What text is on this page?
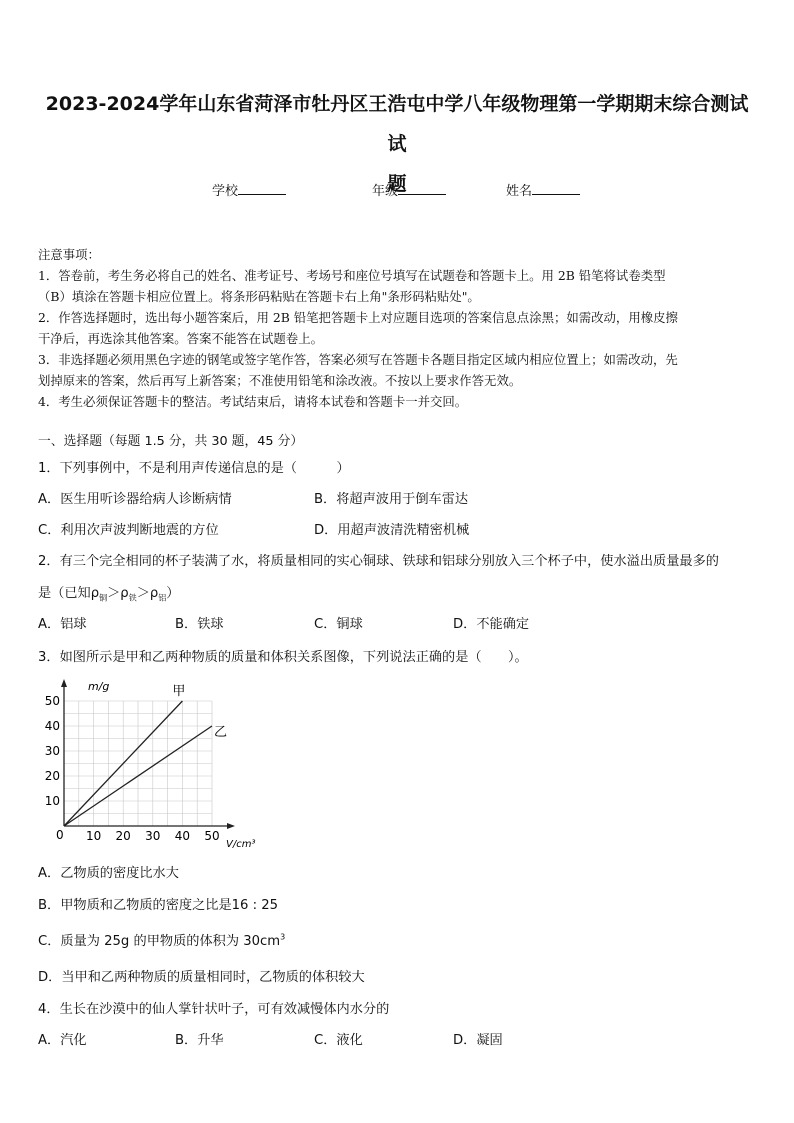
2023-2024学年山东省菏泽市牡丹区王浩屯中学八年级物理第一学期期末综合测试试
题
学校	年级	姓名

注意事项：

1．答卷前，考生务必将自己的姓名、准考证号、考场号和座位号填写在试题卷和答题卡上。用 2B 铅笔将试卷类型

（B）填涂在答题卡相应位置上。将条形码粘贴在答题卡右上角"条形码粘贴处"。

2．作答选择题时，选出每小题答案后，用 2B 铅笔把答题卡上对应题目选项的答案信息点涂黑；如需改动，用橡皮擦

干净后，再选涂其他答案。答案不能答在试题卷上。

3．非选择题必须用黑色字迹的钢笔或签字笔作答，答案必须写在答题卡各题目指定区域内相应位置上；如需改动，先

划掉原来的答案，然后再写上新答案；不准使用铅笔和涂改液。不按以上要求作答无效。

4．考生必须保证答题卡的整洁。考试结束后，请将本试卷和答题卡一并交回。

一、选择题（每题 1.5 分，共 30 题，45 分）
1．下列事例中，不是利用声传递信息的是（　　　）
A．医生用听诊器给病人诊断病情	B．将超声波用于倒车雷达
C．利用次声波判断地震的方位	D．用超声波清洗精密机械
2．有三个完全相同的杯子装满了水，将质量相同的实心铜球、铁球和铝球分别放入三个杯子中，使水溢出质量最多的
是（已知$\rho_铜>\rho_铁>\rho_铝$）
A．铝球	B．铁球	C．铜球	D．不能确定
3．如图所示是甲和乙两种物质的质量和体积关系图像，下列说法正确的是（　　）。
10 20 30 40 50
10
20
30
40
50
甲
乙
m/g
V/cm³
0
A．乙物质的密度比水大
B．甲物质和乙物质的密度之比是16 : 25
C．质量为 25g 的甲物质的体积为 $30cm^3$
D．当甲和乙两种物质的质量相同时，乙物质的体积较大
4．生长在沙漠中的仙人掌针状叶子，可有效减慢体内水分的
A．汽化	B．升华	C．液化	D．凝固
